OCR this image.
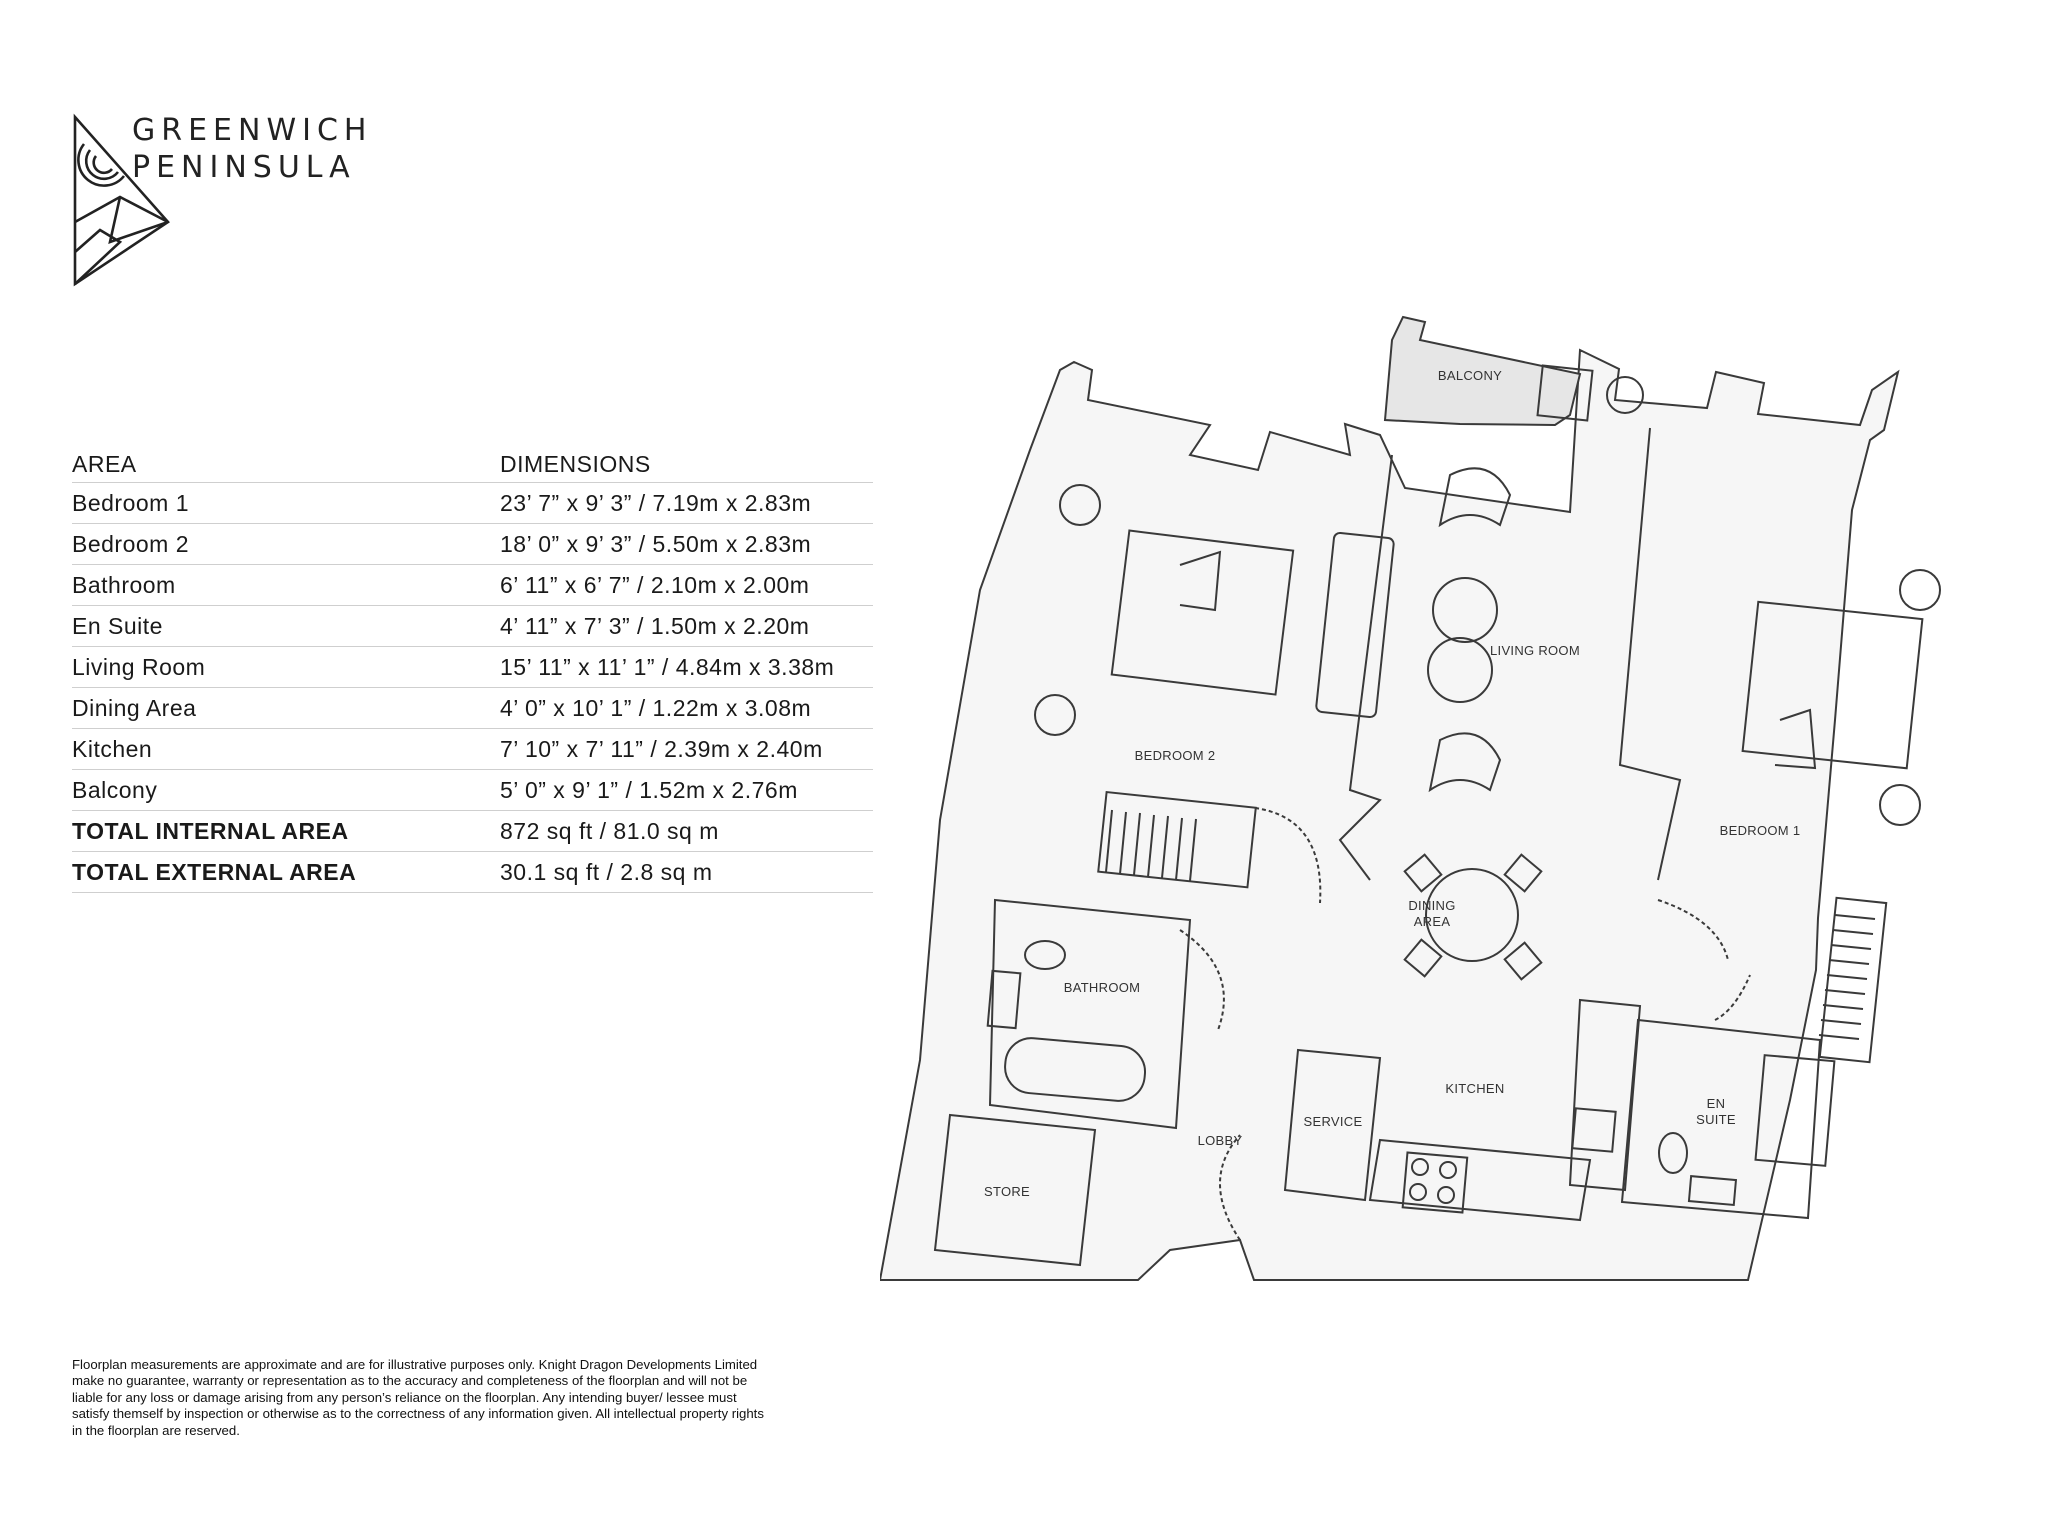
GREENWICH
PENINSULA
AREA	DIMENSIONS
Bedroom 1	23’ 7” x 9’ 3” / 7.19m x 2.83m
Bedroom 2	18’ 0” x 9’ 3” / 5.50m x 2.83m
Bathroom	6’ 11” x 6’ 7” / 2.10m x 2.00m
En Suite	4’ 11” x 7’ 3” / 1.50m x 2.20m
Living Room	15’ 11” x 11’ 1” / 4.84m x 3.38m
Dining Area	4’ 0” x 10’ 1” / 1.22m x 3.08m
Kitchen	7’ 10” x 7’ 11” / 2.39m x 2.40m
Balcony	5’ 0” x 9’ 1” / 1.52m x 2.76m
TOTAL INTERNAL AREA	872 sq ft / 81.0 sq m
TOTAL EXTERNAL AREA	30.1 sq ft / 2.8 sq m
Floorplan measurements are approximate and are for illustrative purposes only. Knight Dragon Developments Limited
make no guarantee, warranty or representation as to the accuracy and completeness of the floorplan and will not be
liable for any loss or damage arising from any person’s reliance on the floorplan. Any intending buyer/ lessee must
satisfy themself by inspection or otherwise as to the correctness of any information given. All intellectual property rights
in the floorplan are reserved.
BALCONY
LIVING ROOM
BEDROOM 2
BEDROOM 1
DINING
AREA
BATHROOM
KITCHEN
SERVICE
LOBBY
STORE
EN
SUITE
